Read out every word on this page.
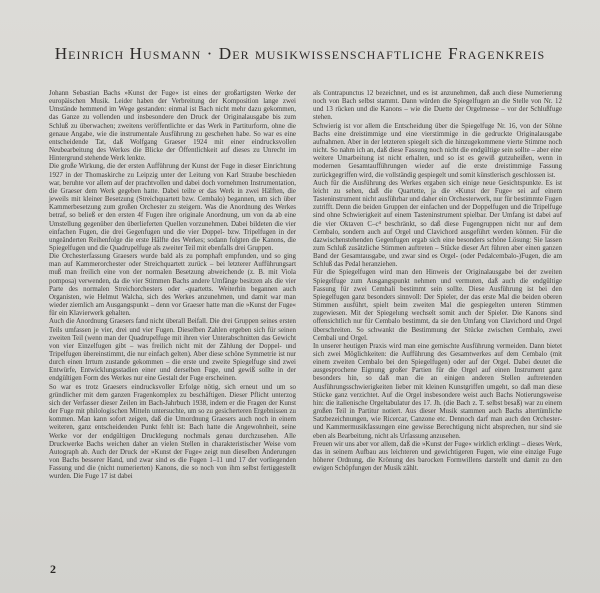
Heinrich Husmann · Der musikwissenschaftliche Fragenkreis

Johann Sebastian Bachs »Kunst der Fuge« ist eines der großartigsten Werke der europäischen Musik. Leider haben der Verbreitung der Komposition lange zwei Umstände hemmend im Wege gestanden: einmal ist Bach nicht mehr dazu gekommen, das Ganze zu vollenden und insbesondere den Druck der Originalausgabe bis zum Schluß zu überwachen; zweitens veröffentlichte er das Werk in Partiturform, ohne die genaue Angabe, wie die instrumentale Ausführung zu geschehen habe. So war es eine entscheidende Tat, daß Wolfgang Graeser 1924 mit einer eindrucksvollen Neubearbeitung des Werkes die Blicke der Öffentlichkeit auf dieses zu Unrecht im Hintergrund stehende Werk lenkte.

Die große Wirkung, die der ersten Aufführung der Kunst der Fuge in dieser Einrichtung 1927 in der Thomaskirche zu Leipzig unter der Leitung von Karl Straube beschieden war, beruhte vor allem auf der prachtvollen und dabei doch vornehmen Instrumentation, die Graeser dem Werk gegeben hatte. Dabei teilte er das Werk in zwei Hälften, die jeweils mit kleiner Besetzung (Streichquartett bzw. Cembalo) begannen, um sich über Kammerbesetzung zum großen Orchester zu steigern. Was die Anordnung des Werkes betraf, so beließ er den ersten 4f Fugen ihre originale Anordnung, um von da ab eine Umstellung gegenüber den überlieferten Quellen vorzunehmen. Dabei bildeten die vier einfachen Fugen, die drei Gegenfugen und die vier Doppel- bzw. Tripelfugen in der ungeänderten Reihenfolge die erste Hälfte des Werkes; sodann folgten die Kanons, die Spiegelfugen und die Quadrupelfuge als zweiter Teil mit ebenfalls drei Gruppen.

Die Orchesterfassung Graesers wurde bald als zu pomphaft empfunden, und so ging man auf Kammerorchester oder Streichquartett zurück – bei letzterer Aufführungsart muß man freilich eine von der normalen Besetzung abweichende (z. B. mit Viola pomposa) verwenden, da die vier Stimmen Bachs andere Umfänge besitzen als die vier Parte des normalen Streichorchesters oder -quartetts. Weiterhin begannen auch Organisten, wie Helmut Walcha, sich des Werkes anzunehmen, und damit war man wieder ziemlich am Ausgangspunkt – denn vor Graeser hatte man die »Kunst der Fuge« für ein Klavierwerk gehalten.

Auch die Anordnung Graesers fand nicht überall Beifall. Die drei Gruppen seines ersten Teils umfassen je vier, drei und vier Fugen. Dieselben Zahlen ergeben sich für seinen zweiten Teil (wenn man der Quadrupelfuge mit ihren vier Unterabschnitten das Gewicht von vier Einzelfugen gibt – was freilich nicht mit der Zählung der Doppel- und Tripelfugen übereinstimmt, die nur einfach gelten). Aber diese schöne Symmetrie ist nur durch einen Irrtum zustande gekommen – die erste und zweite Spiegelfuge sind zwei Entwürfe, Entwicklungsstadien einer und derselben Fuge, und gewiß sollte in der endgültigen Form des Werkes nur eine Gestalt der Fuge erscheinen.

So war es trotz Graesers eindrucksvoller Erfolge nötig, sich erneut und um so gründlicher mit dem ganzen Fragenkomplex zu beschäftigen. Dieser Pflicht unterzog sich der Verfasser dieser Zeilen im Bach-Jahrbuch 1938, indem er die Fragen der Kunst der Fuge mit philologischen Mitteln untersuchte, um so zu gesicherteren Ergebnissen zu kommen. Man kann sofort zeigen, daß die Umordnung Graesers auch noch in einem weiteren, ganz entscheidenden Punkt fehlt ist: Bach hatte die Angewohnheit, seine Werke vor der endgültigen Drucklegung nochmals genau durchzusehen. Alle Druckwerke Bachs weichen daher an vielen Stellen in charakteristischer Weise vom Autograph ab. Auch der Druck der »Kunst der Fuge« zeigt nun dieselben Änderungen von Bachs besserer Hand, und zwar sind es die Fugen 1–11 und 17 der vorliegenden Fassung und die (nicht numerierten) Kanons, die so noch von ihm selbst fertiggestellt wurden. Die Fuge 17 ist dabei

als Contrapunctus 12 bezeichnet, und es ist anzunehmen, daß auch diese Numerierung noch von Bach selbst stammt. Dann würden die Spiegelfugen an die Stelle von Nr. 12 und 13 rücken und die Kanons – wie die Duette der Orgelmesse – vor der Schlußfuge stehen.

Schwierig ist vor allem die Entscheidung über die Spiegelfuge Nr. 16, von der Söhne Bachs eine dreistimmige und eine vierstimmige in die gedruckte Originalausgabe aufnahmen. Aber in der letzteren spiegelt sich die hinzugekommene vierte Stimme noch nicht. So nahm ich an, daß diese Fassung noch nicht die endgültige sein sollte – aber eine weitere Umarbeitung ist nicht erhalten, und so ist es gewiß gutzuheißen, wenn in modernen Gesamtaufführungen wieder auf die erste dreistimmige Fassung zurückgegriffen wird, die vollständig gespiegelt und somit künstlerisch geschlossen ist.

Auch für die Ausführung des Werkes ergaben sich einige neue Gesichtspunkte. Es ist leicht zu sehen, daß die Quartette, ja die »Kunst der Fuge« sei auf einem Tasteninstrument nicht ausführbar und daher ein Orchesterwerk, nur für bestimmte Fugen zutrifft. Denn die beiden Gruppen der einfachen und der Doppelfugen und die Tripelfuge sind ohne Schwierigkeit auf einem Tasteninstrument spielbar. Der Umfang ist dabei auf die vier Oktaven C–c⁴ beschränkt, so daß diese Fugengruppen nicht nur auf dem Cembalo, sondern auch auf Orgel und Clavichord ausgeführt werden können. Für die dazwischenstehenden Gegenfugen ergab sich eine besonders schöne Lösung: Sie lassen zum Schluß zusätzliche Stimmen auftreten – Stücke dieser Art führen aber einen ganzen Band der Gesamtausgabe, und zwar sind es Orgel- (oder Pedalcembalo-)Fugen, die am Schluß das Pedal heranziehen.

Für die Spiegelfugen wird man den Hinweis der Originalausgabe bei der zweiten Spiegelfuge zum Ausgangspunkt nehmen und vermuten, daß auch die endgültige Fassung für zwei Cembali bestimmt sein sollte. Diese Ausführung ist bei den Spiegelfugen ganz besonders sinnvoll: Der Spieler, der das erste Mal die beiden oberen Stimmen ausführt, spielt beim zweiten Mal die gespiegelten unteren Stimmen zugewiesen. Mit der Spiegelung wechselt somit auch der Spieler. Die Kanons sind offensichtlich nur für Cembalo bestimmt, da sie den Umfang von Clavichord und Orgel überschreiten. So schwankt die Bestimmung der Stücke zwischen Cembalo, zwei Cembali und Orgel.

In unserer heutigen Praxis wird man eine gemischte Ausführung vermeiden. Dann bietet sich zwei Möglichkeiten: die Aufführung des Gesamtwerkes auf dem Cembalo (mit einem zweiten Cembalo bei den Spiegelfugen) oder auf der Orgel. Dabei deutet die ausgesprochene Eignung großer Partien für die Orgel auf einen Instrument ganz besonders hin, so daß man die an einigen anderen Stellen auftretenden Ausführungsschwierigkeiten lieber mit kleinen Kunstgriffen umgeht, so daß man diese Stücke ganz verzichtet. Auf die Orgel insbesondere weist auch Bachs Notierungsweise hin: die italienische Orgeltabulatur des 17. Jh. (die Bach z. T. selbst besaß) war zu einem großen Teil in Partitur notiert. Aus dieser Musik stammen auch Bachs altertümliche Satzbezeichnungen, wie Ricercar, Canzone etc. Dennoch darf man auch den Orchester- und Kammermusikfassungen eine gewisse Berechtigung nicht absprechen, nur sind sie eben als Bearbeitung, nicht als Urfassung anzusehen.

Freuen wir uns aber vor allem, daß die »Kunst der Fuge« wirklich erklingt – dieses Werk, das in seinem Aufbau aus leichteren und gewichtigeren Fugen, wie eine einzige Fuge höherer Ordnung, die Krönung des barocken Formwillens darstellt und damit zu den ewigen Schöpfungen der Musik zählt.

2
